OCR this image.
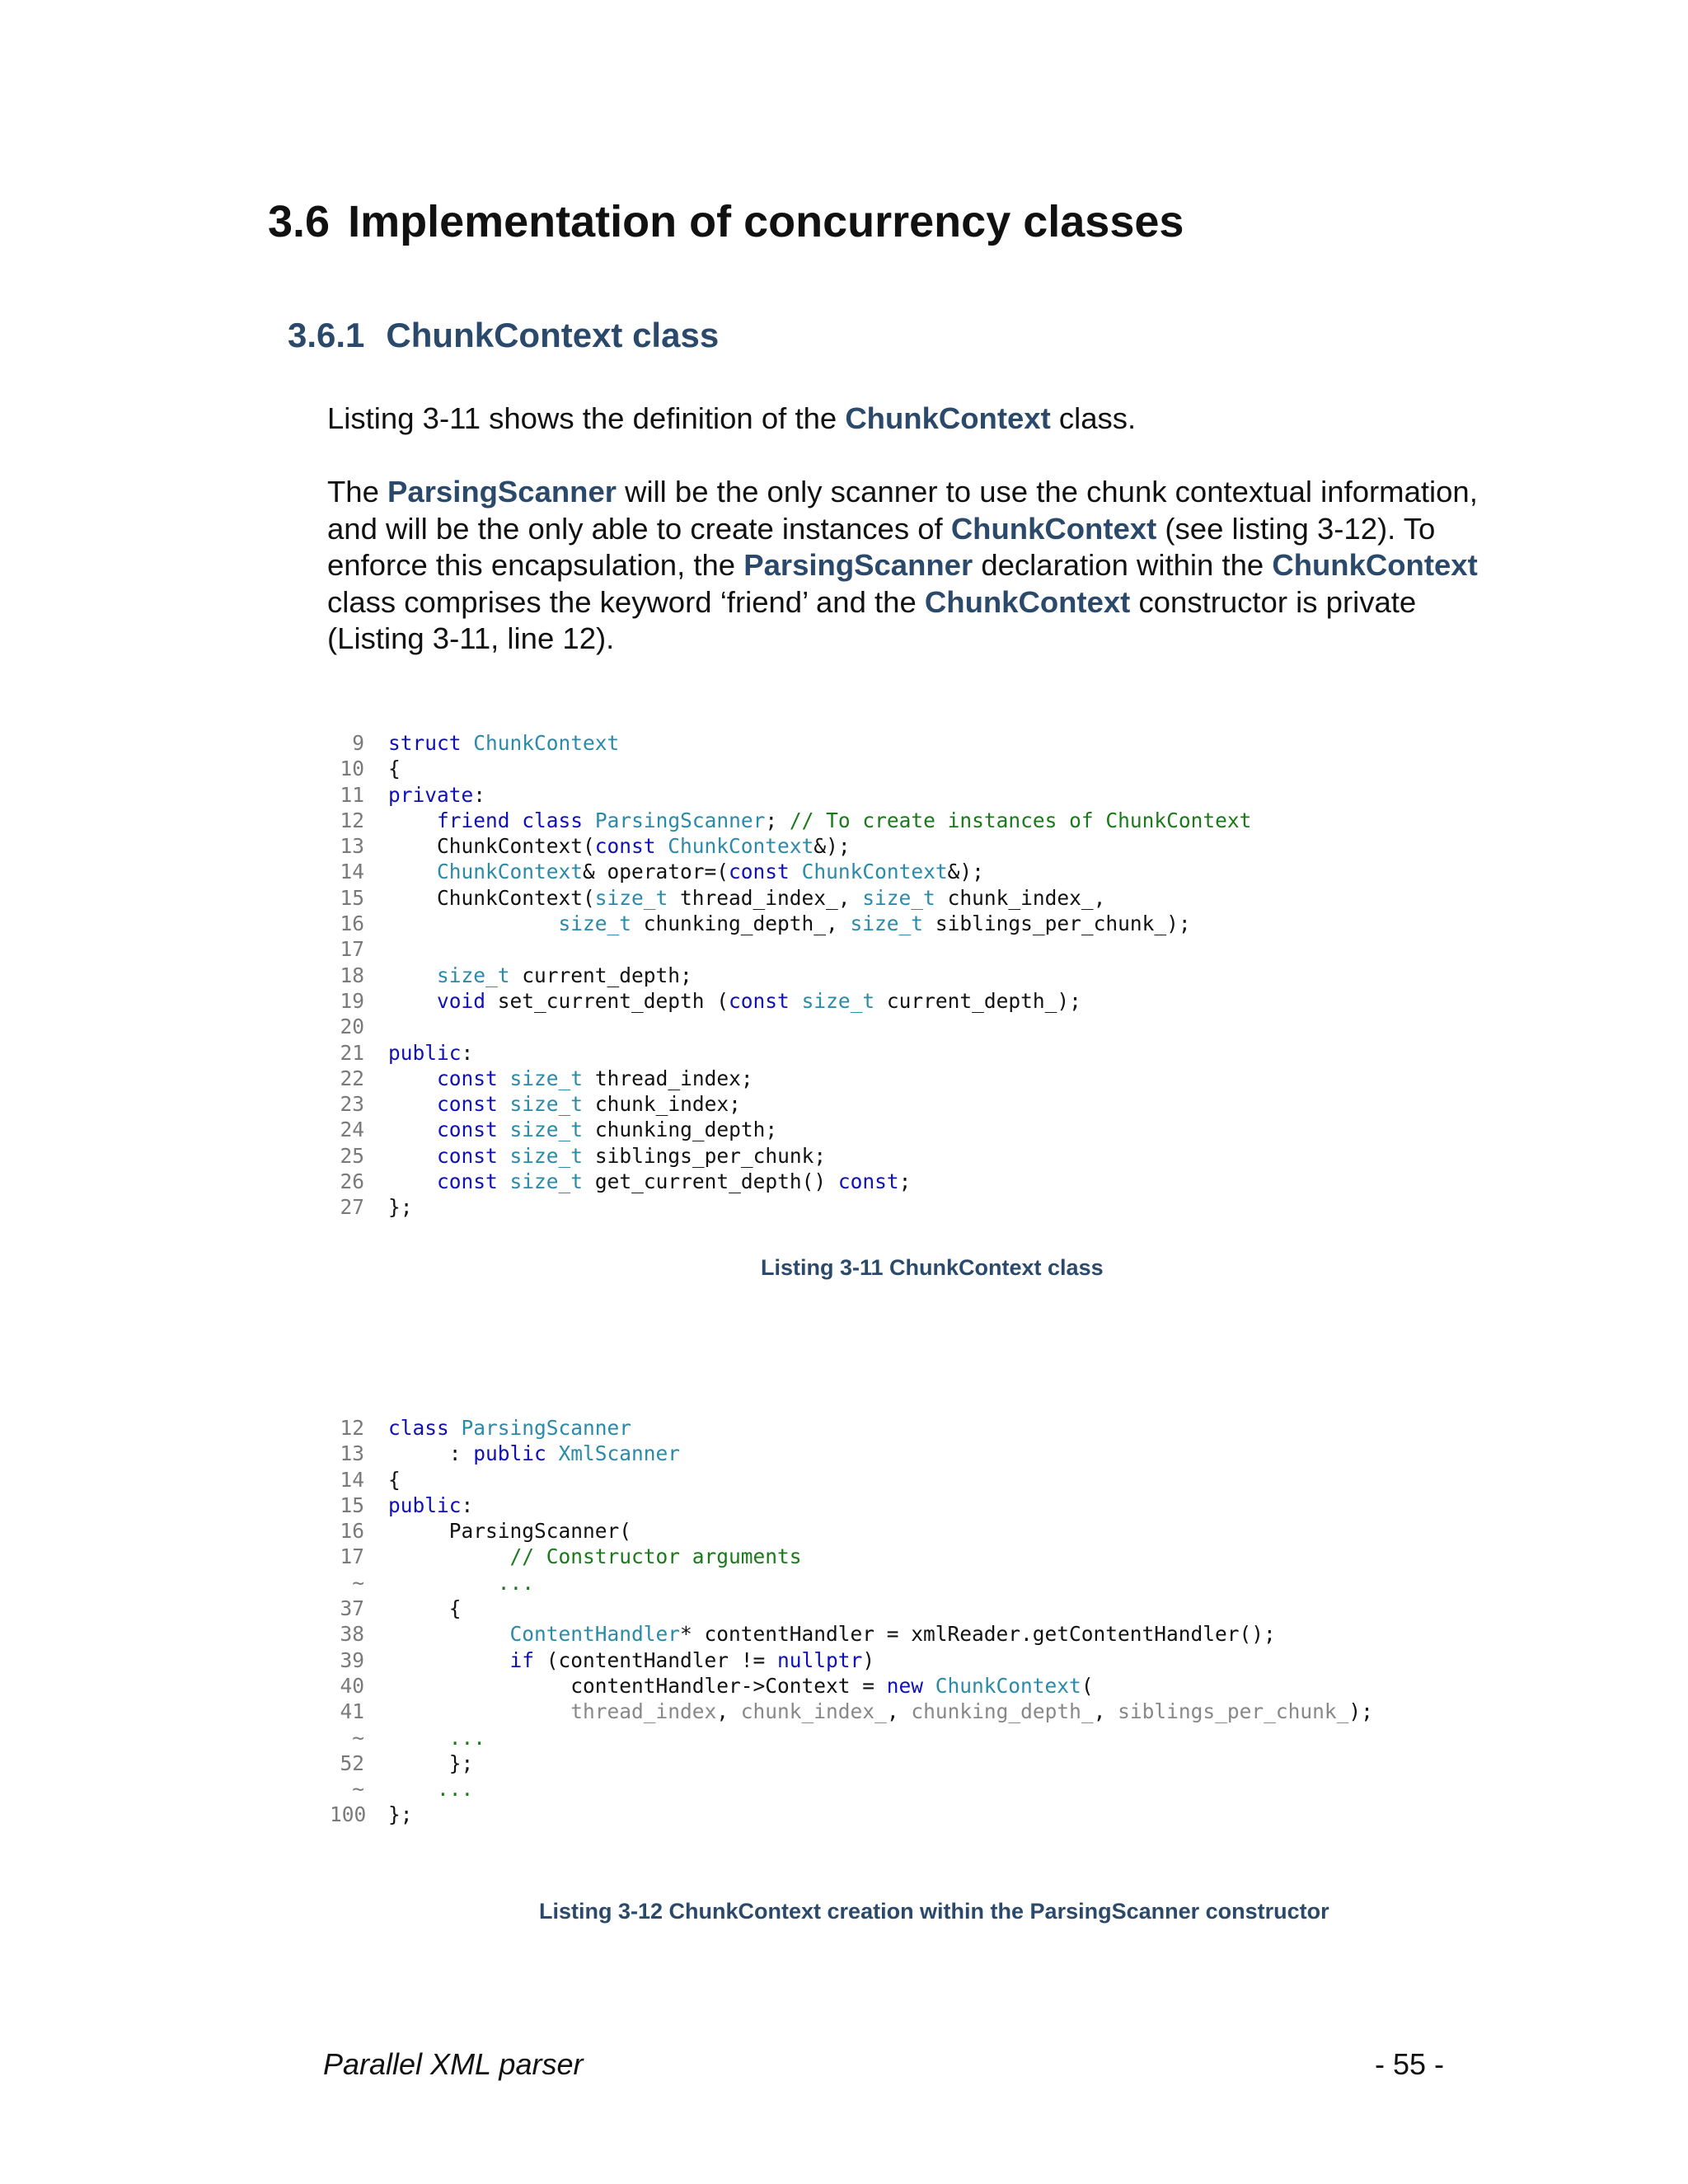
3.6 Implementation of concurrency classes
3.6.1 ChunkContext class
Listing 3-11 shows the definition of the ChunkContext class.
The ParsingScanner will be the only scanner to use the chunk contextual information,
and will be the only able to create instances of ChunkContext (see listing 3-12). To
enforce this encapsulation, the ParsingScanner declaration within the ChunkContext
class comprises the keyword ‘friend’ and the ChunkContext constructor is private
(Listing 3-11, line 12).
9 struct ChunkContext
10 {
11 private:
12	friend class ParsingScanner; // To create instances of ChunkContext
13    ChunkContext(const ChunkContext&);
14	ChunkContext& operator=(const ChunkContext&);
15    ChunkContext(size_t thread_index_, size_t chunk_index_,
16	size_t chunking_depth_, size_t siblings_per_chunk_);
17
18	size_t current_depth;
19	void set_current_depth (const size_t current_depth_);
20
21 public:
22	const size_t thread_index;
23	const size_t chunk_index;
24	const size_t chunking_depth;
25	const size_t siblings_per_chunk;
26	const size_t get_current_depth() const;
27 };
Listing 3-11 ChunkContext class
12 class ParsingScanner
13     : public XmlScanner
14 {
15 public:
16     ParsingScanner(
17	// Constructor arguments
~	...
37     {
38	ContentHandler* contentHandler = xmlReader.getContentHandler();
39	if (contentHandler != nullptr)
40               contentHandler->Context = new ChunkContext(
41	thread_index, chunk_index_, chunking_depth_, siblings_per_chunk_);
~	...
52     };
~	...
100 };
Listing 3-12 ChunkContext creation within the ParsingScanner constructor
Parallel XML parser	- 55 -
